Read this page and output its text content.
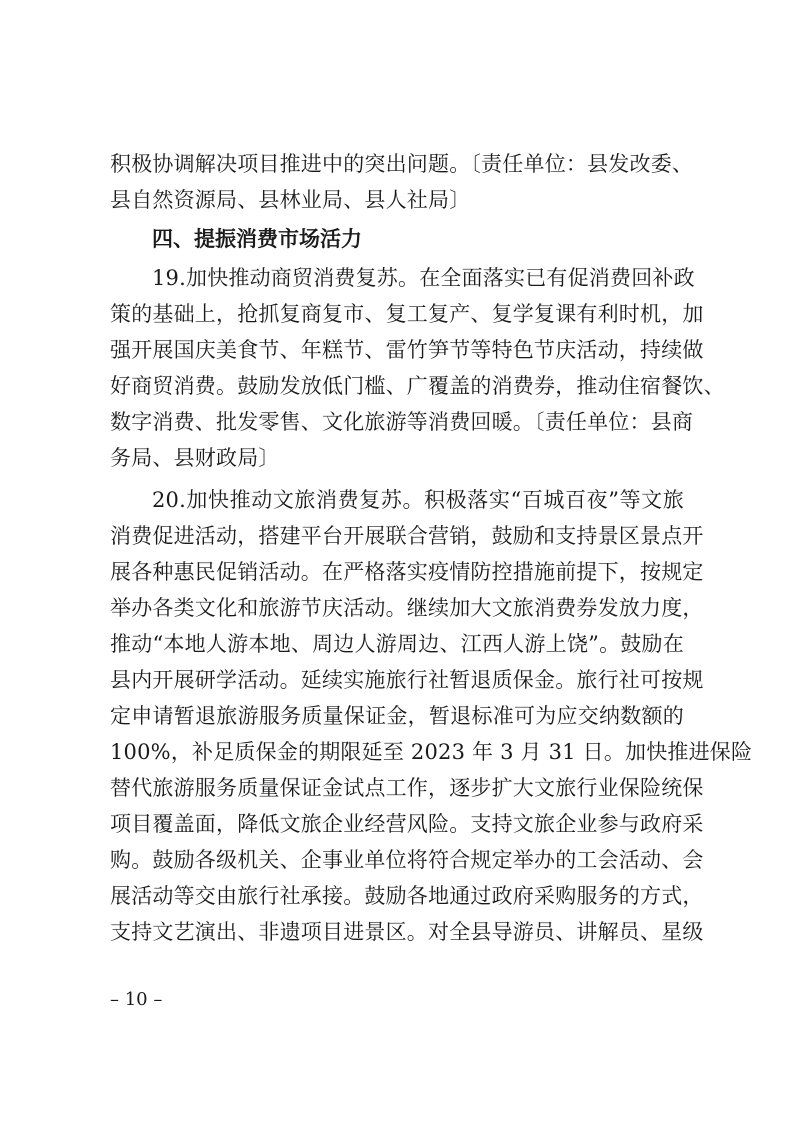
积极协调解决项目推进中的突出问题。〔责任单位：县发改委、
县自然资源局、县林业局、县人社局〕
四、提振消费市场活力
19.加快推动商贸消费复苏。在全面落实已有促消费回补政
策的基础上，抢抓复商复市、复工复产、复学复课有利时机，加
强开展国庆美食节、年糕节、雷竹笋节等特色节庆活动，持续做
好商贸消费。鼓励发放低门槛、广覆盖的消费券，推动住宿餐饮、
数字消费、批发零售、文化旅游等消费回暖。〔责任单位：县商
务局、县财政局〕
20.加快推动文旅消费复苏。积极落实“百城百夜”等文旅
消费促进活动，搭建平台开展联合营销，鼓励和支持景区景点开
展各种惠民促销活动。在严格落实疫情防控措施前提下，按规定
举办各类文化和旅游节庆活动。继续加大文旅消费券发放力度，
推动“本地人游本地、周边人游周边、江西人游上饶”。鼓励在
县内开展研学活动。延续实施旅行社暂退质保金。旅行社可按规
定申请暂退旅游服务质量保证金，暂退标准可为应交纳数额的
100%，补足质保金的期限延至 2023 年 3 月 31 日。加快推进保险
替代旅游服务质量保证金试点工作，逐步扩大文旅行业保险统保
项目覆盖面，降低文旅企业经营风险。支持文旅企业参与政府采
购。鼓励各级机关、企事业单位将符合规定举办的工会活动、会
展活动等交由旅行社承接。鼓励各地通过政府采购服务的方式，
支持文艺演出、非遗项目进景区。对全县导游员、讲解员、星级
– 10 –
